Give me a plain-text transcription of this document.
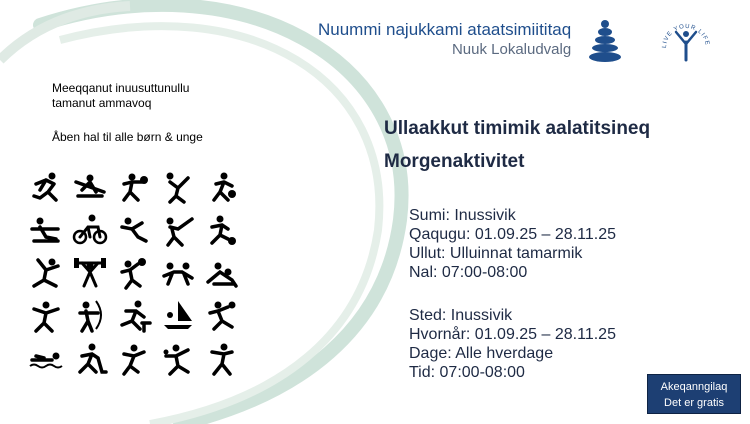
Nuummi najukkami ataatsimiititaq
Nuuk Lokaludvalg	LIVE YOUR LIFE

Meeqqanut inuusuttunullu tamanut ammavoq

Åben hal til alle børn & unge	Ullaakkut timimik aalatitsineq
Morgenaktivitet
Sumi: Inussivik
Qaqugu: 01.09.25 – 28.11.25
Ullut: Ulluinnat tamarmik
Nal: 07:00-08:00
Sted: Inussivik
Hvornår: 01.09.25 – 28.11.25
Dage: Alle hverdage
Tid: 07:00-08:00
Akeqanngilaq
Det er gratis
